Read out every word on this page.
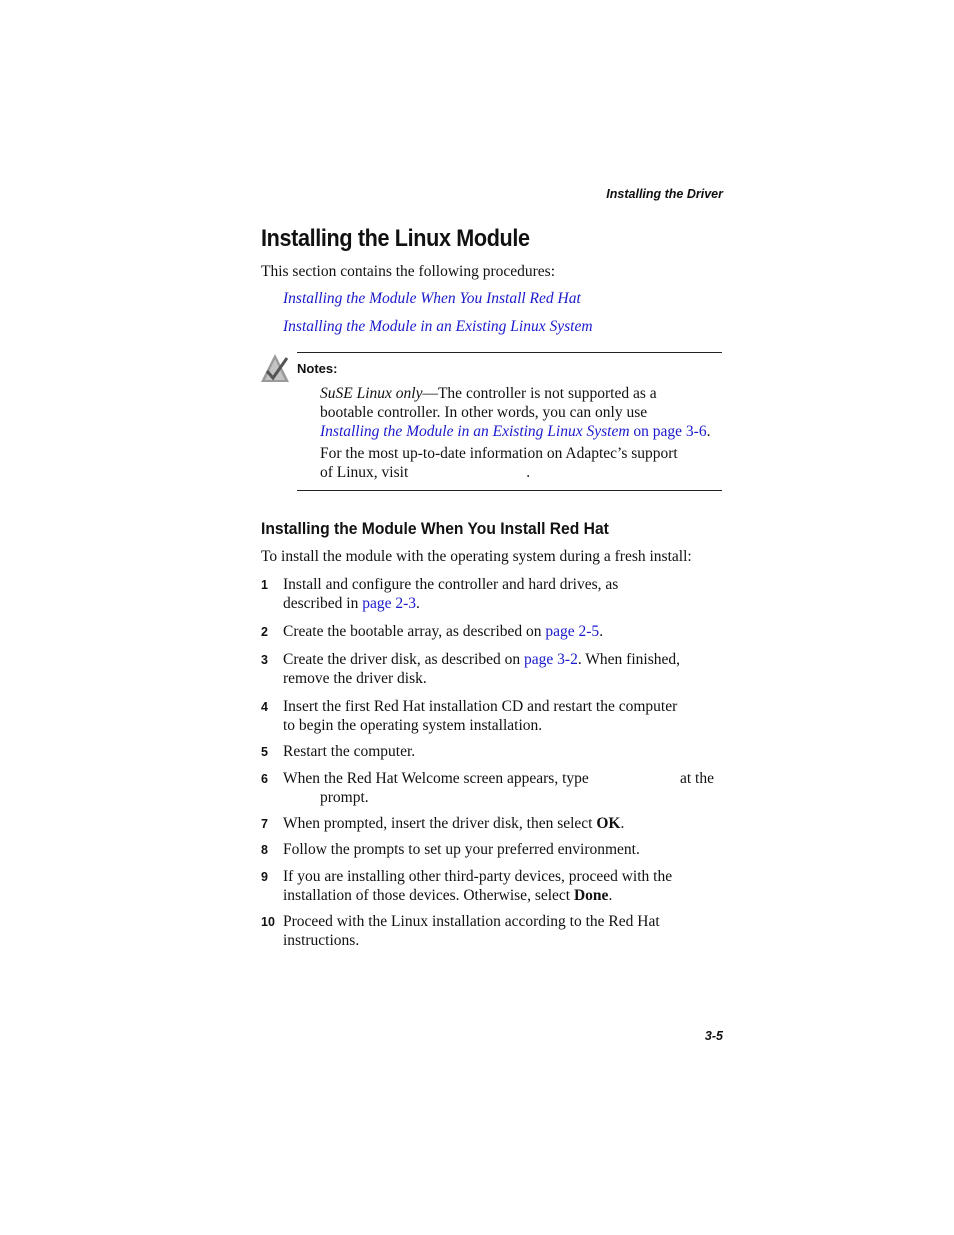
Installing the Driver
Installing the Linux Module
This section contains the following procedures:
Installing the Module When You Install Red Hat
Installing the Module in an Existing Linux System
Notes:
SuSE Linux only—The controller is not supported as a
bootable controller. In other words, you can only use
Installing the Module in an Existing Linux System on page 3-6.
For the most up-to-date information on Adaptec’s support
of Linux, visit	.
Installing the Module When You Install Red Hat
To install the module with the operating system during a fresh install:
1 Install and configure the controller and hard drives, as
described in page 2-3.
2 Create the bootable array, as described on page 2-5.
3 Create the driver disk, as described on page 3-2. When finished,
remove the driver disk.
4 Insert the first Red Hat installation CD and restart the computer
to begin the operating system installation.
5 Restart the computer.
6 When the Red Hat Welcome screen appears, type	at the

prompt.
7 When prompted, insert the driver disk, then select OK.
8 Follow the prompts to set up your preferred environment.
9 If you are installing other third-party devices, proceed with the
installation of those devices. Otherwise, select Done.
10 Proceed with the Linux installation according to the Red Hat
instructions.
3-5
